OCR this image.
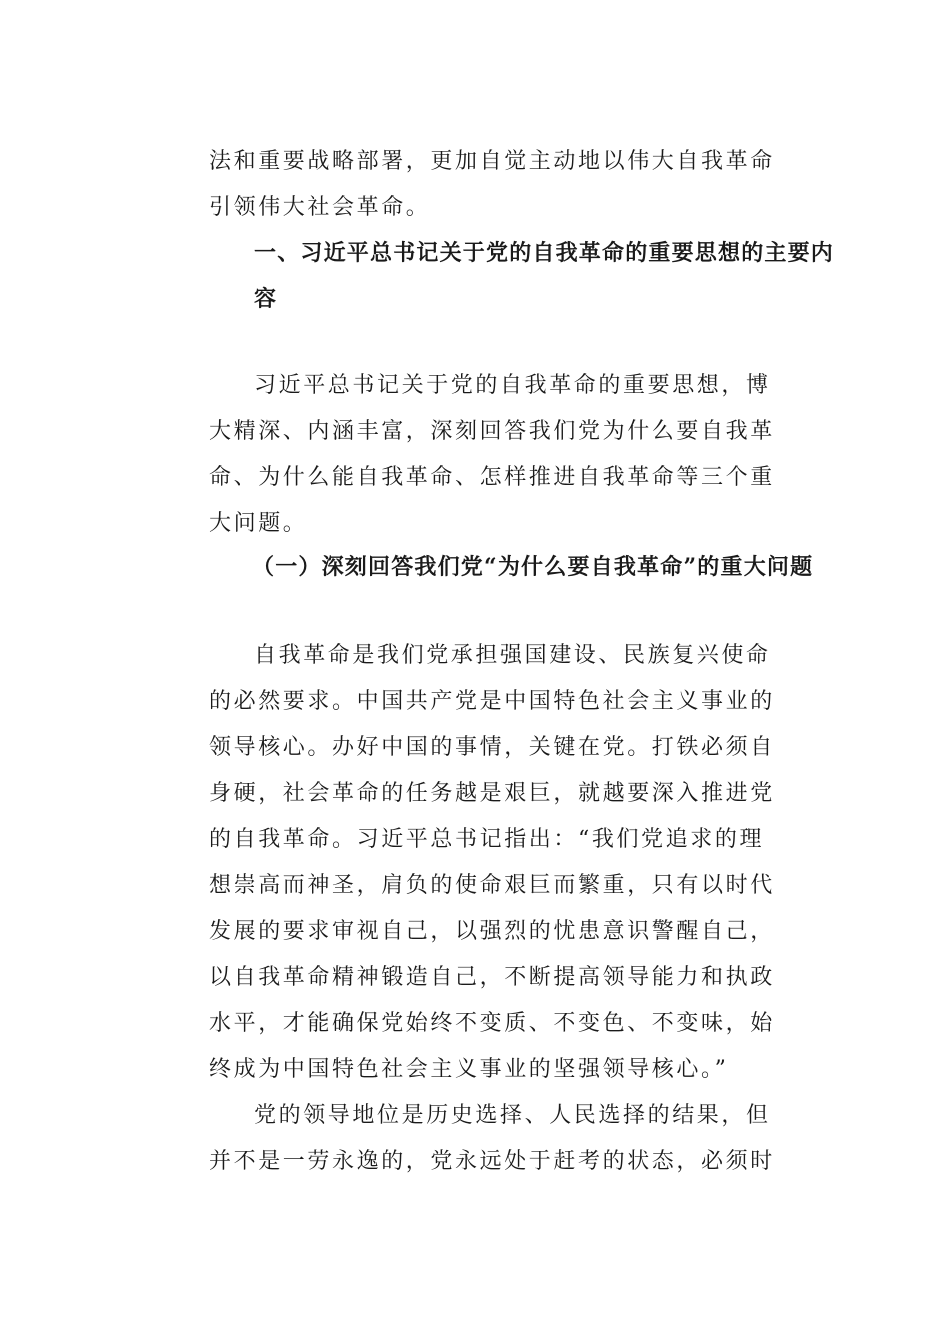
法和重要战略部署，更加自觉主动地以伟大自我革命
引领伟大社会革命。
一、习近平总书记关于党的自我革命的重要思想的主要内
容
习近平总书记关于党的自我革命的重要思想，博
大精深、内涵丰富，深刻回答我们党为什么要自我革
命、为什么能自我革命、怎样推进自我革命等三个重
大问题。
（一）深刻回答我们党“为什么要自我革命”的重大问题
自我革命是我们党承担强国建设、民族复兴使命
的必然要求。中国共产党是中国特色社会主义事业的
领导核心。办好中国的事情，关键在党。打铁必须自
身硬，社会革命的任务越是艰巨，就越要深入推进党
的自我革命。习近平总书记指出：“我们党追求的理
想崇高而神圣，肩负的使命艰巨而繁重，只有以时代
发展的要求审视自己，以强烈的忧患意识警醒自己，
以自我革命精神锻造自己，不断提高领导能力和执政
水平，才能确保党始终不变质、不变色、不变味，始
终成为中国特色社会主义事业的坚强领导核心。”
党的领导地位是历史选择、人民选择的结果，但
并不是一劳永逸的，党永远处于赶考的状态，必须时
